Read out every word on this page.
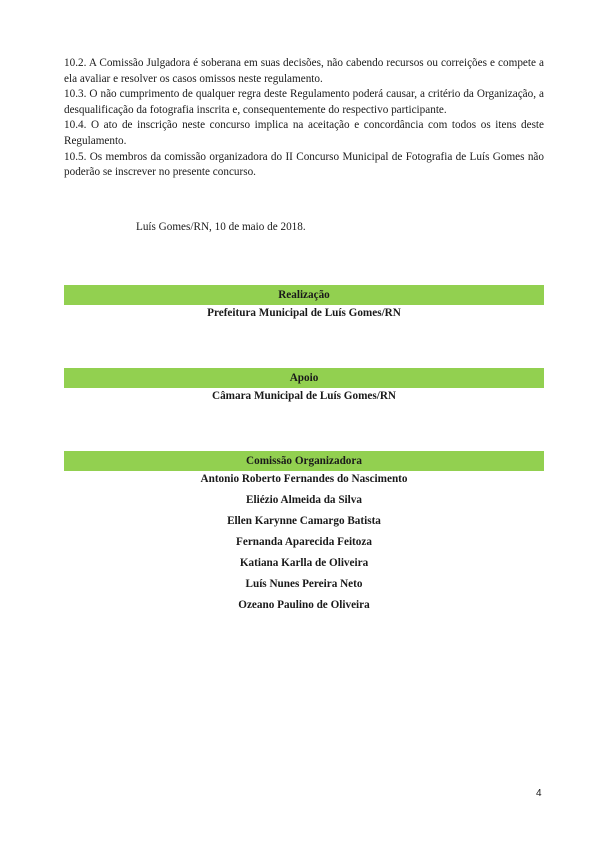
10.2. A Comissão Julgadora é soberana em suas decisões, não cabendo recursos ou correições e compete a ela avaliar e resolver os casos omissos neste regulamento.

10.3. O não cumprimento de qualquer regra deste Regulamento poderá causar, a critério da Organização, a desqualificação da fotografia inscrita e, consequentemente do respectivo participante.

10.4. O ato de inscrição neste concurso implica na aceitação e concordância com todos os itens deste Regulamento.

10.5. Os membros da comissão organizadora do II Concurso Municipal de Fotografia de Luís Gomes não poderão se inscrever no presente concurso.

Luís Gomes/RN, 10 de maio de 2018.
Realização
Prefeitura Municipal de Luís Gomes/RN
Apoio
Câmara Municipal de Luís Gomes/RN
Comissão Organizadora
Antonio Roberto Fernandes do Nascimento
Eliézio Almeida da Silva
Ellen Karynne Camargo Batista
Fernanda Aparecida Feitoza
Katiana Karlla de Oliveira
Luís Nunes Pereira Neto
Ozeano Paulino de Oliveira
4
